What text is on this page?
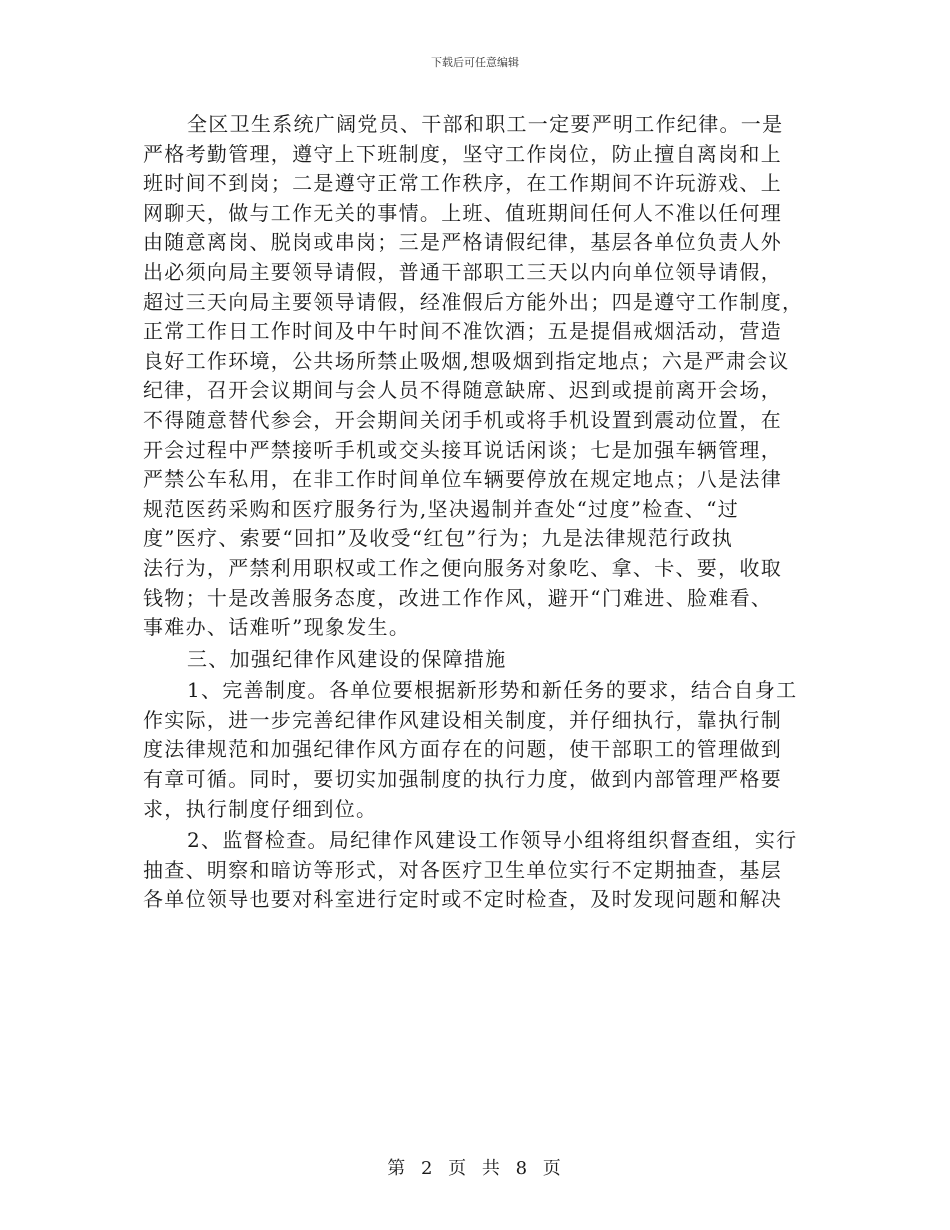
下载后可任意编辑

全区卫生系统广阔党员、干部和职工一定要严明工作纪律。一是
严格考勤管理，遵守上下班制度，坚守工作岗位，防止擅自离岗和上
班时间不到岗；二是遵守正常工作秩序，在工作期间不许玩游戏、上
网聊天，做与工作无关的事情。上班、值班期间任何人不准以任何理
由随意离岗、脱岗或串岗；三是严格请假纪律，基层各单位负责人外
出必须向局主要领导请假，普通干部职工三天以内向单位领导请假，
超过三天向局主要领导请假，经准假后方能外出；四是遵守工作制度，
正常工作日工作时间及中午时间不准饮酒；五是提倡戒烟活动，营造
良好工作环境，公共场所禁止吸烟,想吸烟到指定地点；六是严肃会议
纪律，召开会议期间与会人员不得随意缺席、迟到或提前离开会场，
不得随意替代参会，开会期间关闭手机或将手机设置到震动位置，在
开会过程中严禁接听手机或交头接耳说话闲谈；七是加强车辆管理，
严禁公车私用，在非工作时间单位车辆要停放在规定地点；八是法律
规范医药采购和医疗服务行为,坚决遏制并查处“过度”检查、“过
度”医疗、索要“回扣”及收受“红包”行为；九是法律规范行政执
法行为，严禁利用职权或工作之便向服务对象吃、拿、卡、要，收取
钱物；十是改善服务态度，改进工作作风，避开“门难进、脸难看、
事难办、话难听”现象发生。

三、加强纪律作风建设的保障措施

1、完善制度。各单位要根据新形势和新任务的要求，结合自身工
作实际，进一步完善纪律作风建设相关制度，并仔细执行，靠执行制
度法律规范和加强纪律作风方面存在的问题，使干部职工的管理做到
有章可循。同时，要切实加强制度的执行力度，做到内部管理严格要
求，执行制度仔细到位。

2、监督检查。局纪律作风建设工作领导小组将组织督查组，实行
抽查、明察和暗访等形式，对各医疗卫生单位实行不定期抽查，基层
各单位领导也要对科室进行定时或不定时检查，及时发现问题和解决

第 2 页 共 8 页
